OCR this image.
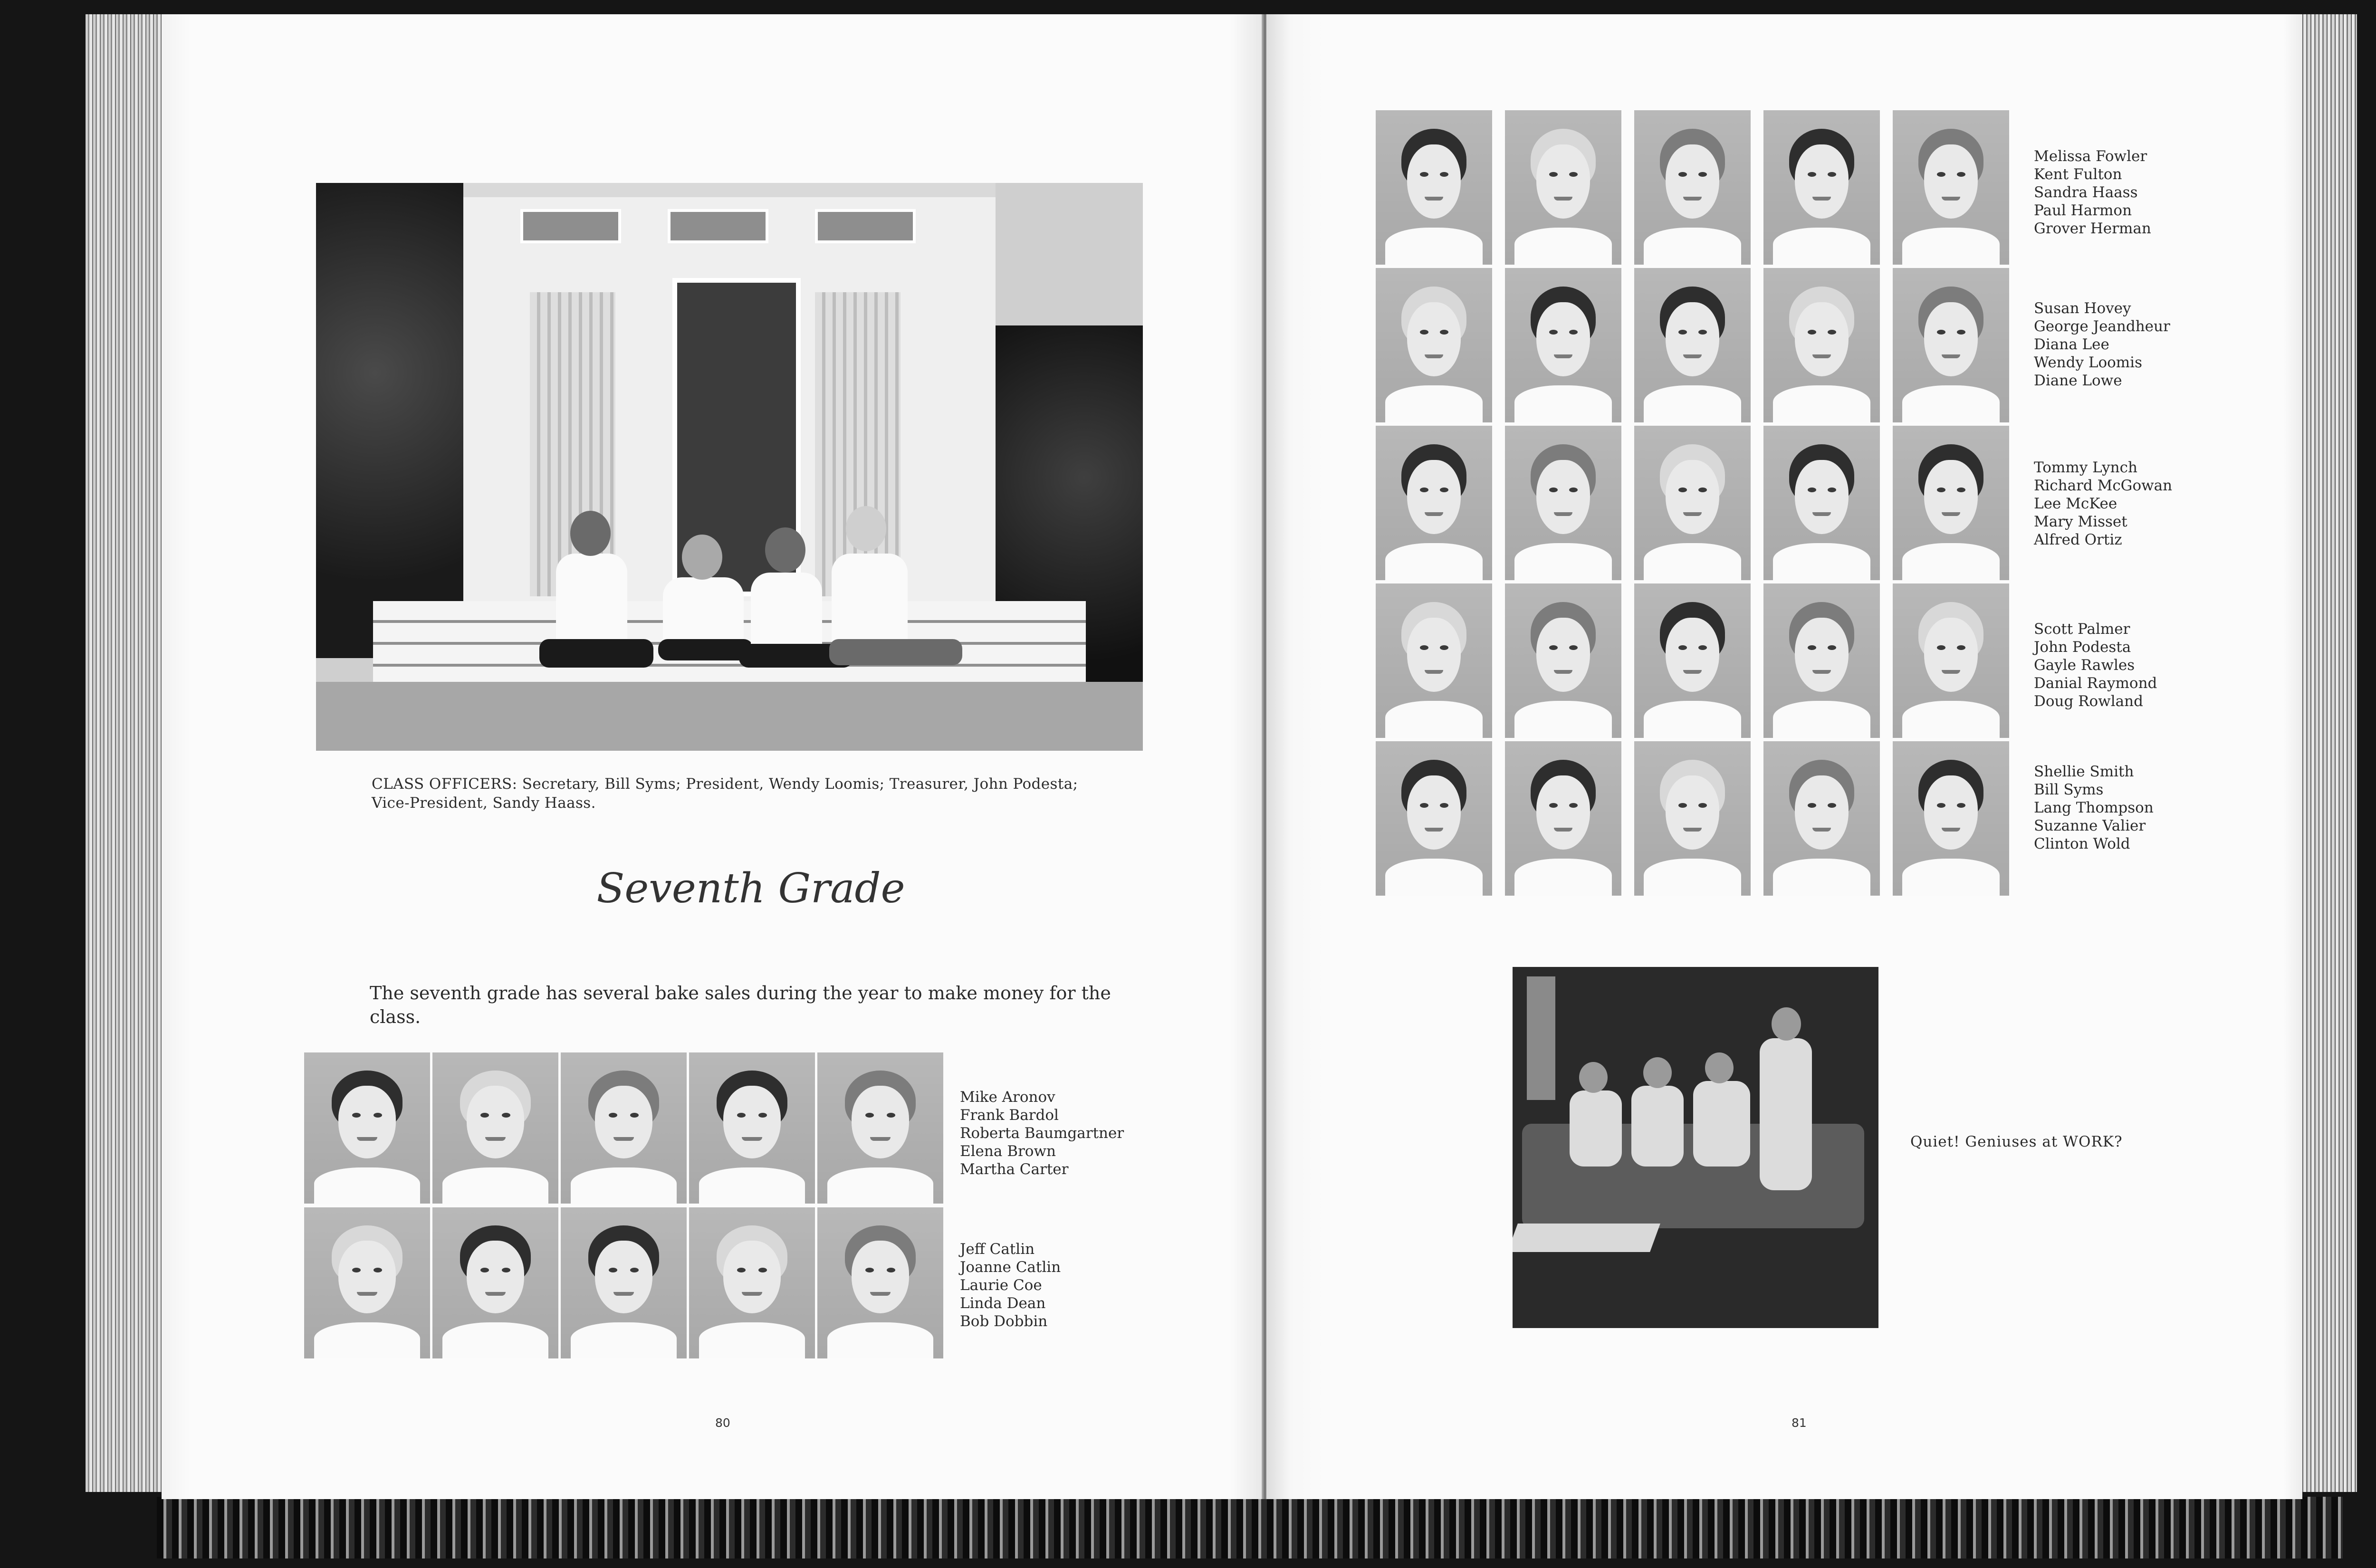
CLASS OFFICERS: Secretary, Bill Syms; President, Wendy Loomis; Treasurer, John Podesta; Vice-President, Sandy Haass.
Seventh Grade
The seventh grade has several bake sales during the year to make money for the class.
Mike Aronov
Frank Bardol
Roberta Baumgartner
Elena Brown
Martha Carter
Jeff Catlin
Joanne Catlin
Laurie Coe
Linda Dean
Bob Dobbin
80
Melissa Fowler
Kent Fulton
Sandra Haass
Paul Harmon
Grover Herman
Susan Hovey
George Jeandheur
Diana Lee
Wendy Loomis
Diane Lowe
Tommy Lynch
Richard McGowan
Lee McKee
Mary Misset
Alfred Ortiz
Scott Palmer
John Podesta
Gayle Rawles
Danial Raymond
Doug Rowland
Shellie Smith
Bill Syms
Lang Thompson
Suzanne Valier
Clinton Wold
Quiet! Geniuses at WORK?
81
